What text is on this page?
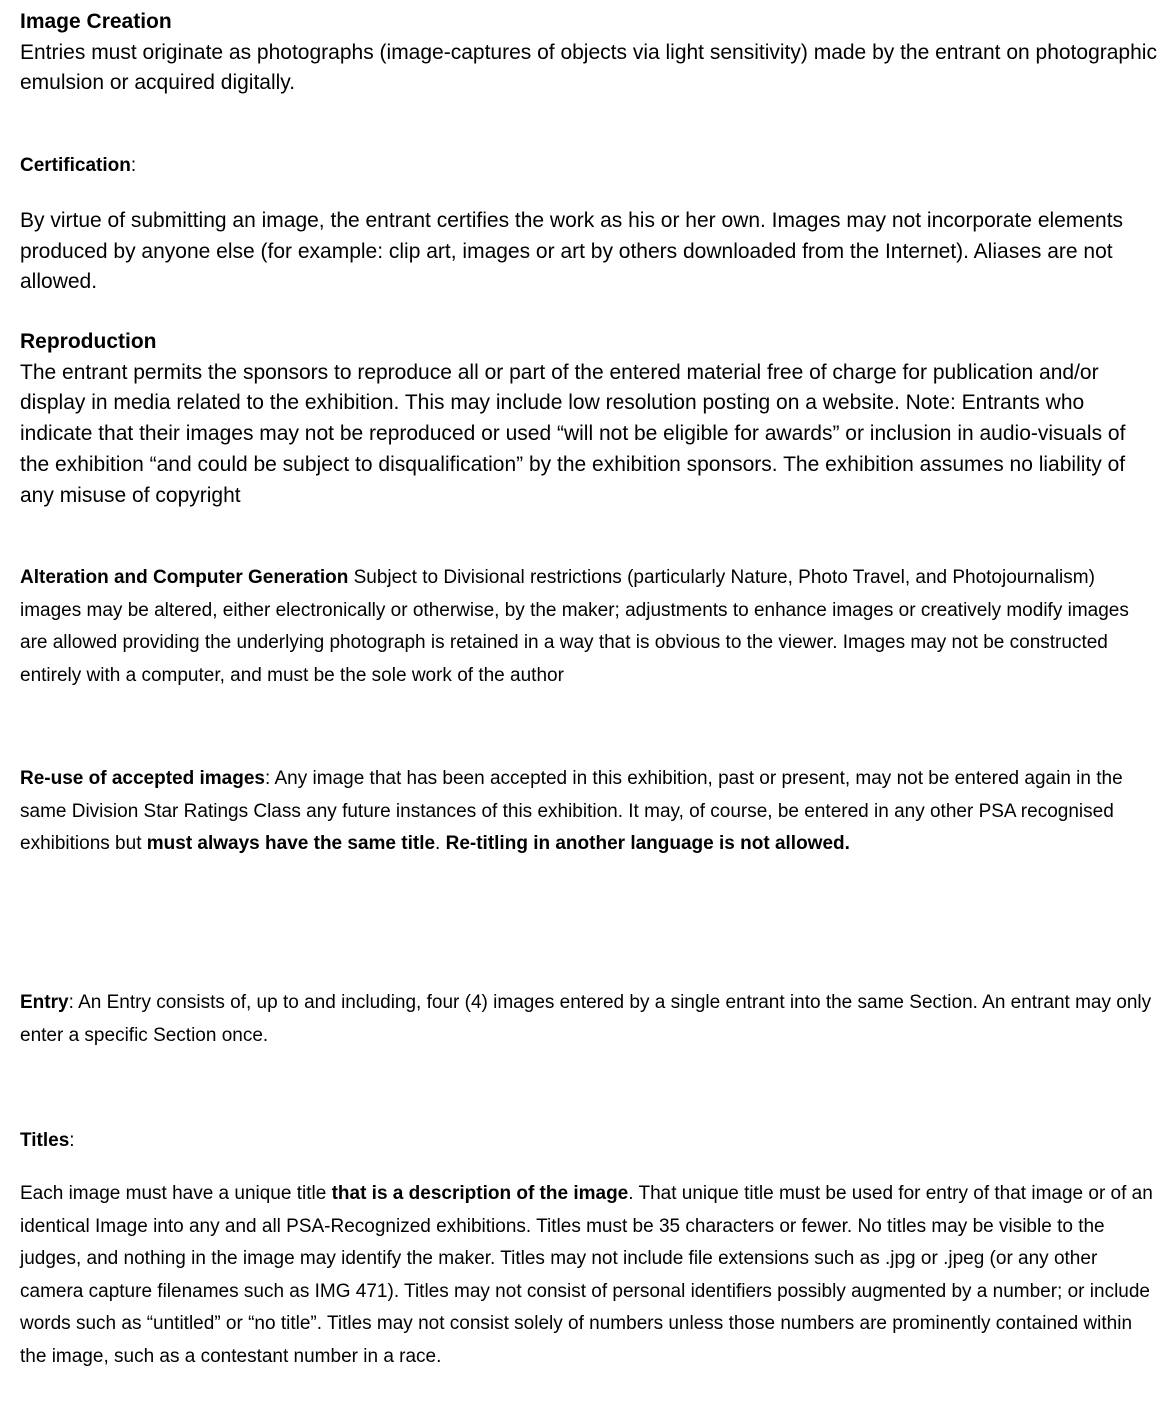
Image Creation

Entries must originate as photographs (image-captures of objects via light sensitivity) made by the entrant on photographic emulsion or acquired digitally.

Certification:

By virtue of submitting an image, the entrant certifies the work as his or her own. Images may not incorporate elements produced by anyone else (for example: clip art, images or art by others downloaded from the Internet). Aliases are not allowed.

Reproduction

The entrant permits the sponsors to reproduce all or part of the entered material free of charge for publication and/or display in media related to the exhibition. This may include low resolution posting on a website. Note: Entrants who indicate that their images may not be reproduced or used “will not be eligible for awards” or inclusion in audio-visuals of the exhibition “and could be subject to disqualification” by the exhibition sponsors. The exhibition assumes no liability of any misuse of copyright

Alteration and Computer Generation Subject to Divisional restrictions (particularly Nature, Photo Travel, and Photojournalism) images may be altered, either electronically or otherwise, by the maker; adjustments to enhance images or creatively modify images are allowed providing the underlying photograph is retained in a way that is obvious to the viewer. Images may not be constructed entirely with a computer, and must be the sole work of the author

Re-use of accepted images: Any image that has been accepted in this exhibition, past or present, may not be entered again in the same Division Star Ratings Class any future instances of this exhibition. It may, of course, be entered in any other PSA recognised exhibitions but must always have the same title. Re-titling in another language is not allowed.

Entry: An Entry consists of, up to and including, four (4) images entered by a single entrant into the same Section. An entrant may only enter a specific Section once.

Titles:

Each image must have a unique title that is a description of the image. That unique title must be used for entry of that image or of an identical Image into any and all PSA-Recognized exhibitions. Titles must be 35 characters or fewer. No titles may be visible to the judges, and nothing in the image may identify the maker. Titles may not include file extensions such as .jpg or .jpeg (or any other camera capture filenames such as IMG 471). Titles may not consist of personal identifiers possibly augmented by a number; or include words such as “untitled” or “no title”. Titles may not consist solely of numbers unless those numbers are prominently contained within the image, such as a contestant number in a race.
